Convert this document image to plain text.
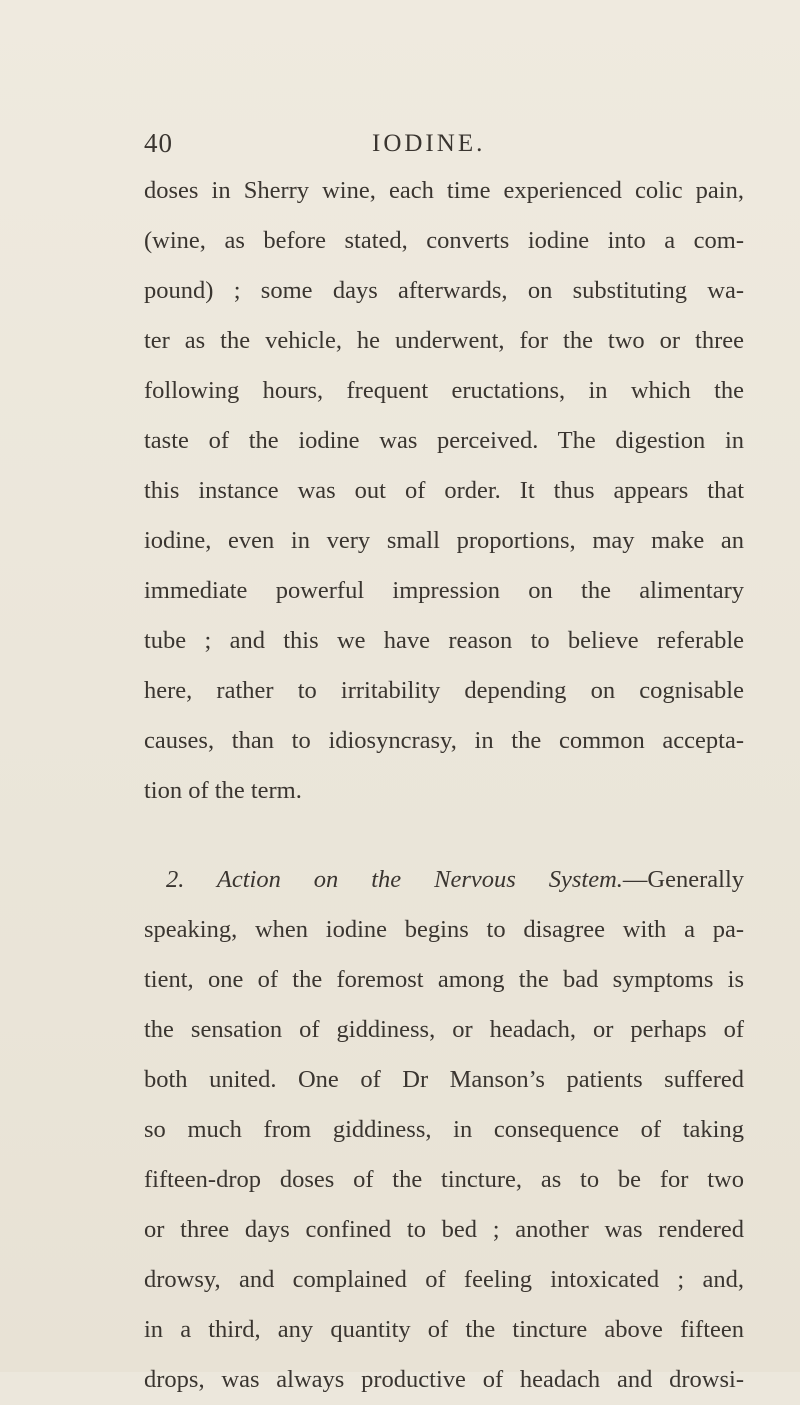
40	IODINE.
doses in Sherry wine, each time experienced colic pain,
(wine, as before stated, converts iodine into a com-
pound) ; some days afterwards, on substituting wa-
ter as the vehicle, he underwent, for the two or three
following hours, frequent eructations, in which the
taste of the iodine was perceived. The digestion in
this instance was out of order. It thus appears that
iodine, even in very small proportions, may make an
immediate powerful impression on the alimentary
tube ; and this we have reason to believe referable
here, rather to irritability depending on cognisable
causes, than to idiosyncrasy, in the common accepta-
tion of the term.
2. Action on the Nervous System.—Generally
speaking, when iodine begins to disagree with a pa-
tient, one of the foremost among the bad symptoms is
the sensation of giddiness, or headach, or perhaps of
both united. One of Dr Manson’s patients suffered
so much from giddiness, in consequence of taking
fifteen-drop doses of the tincture, as to be for two
or three days confined to bed ; another was rendered
drowsy, and complained of feeling intoxicated ; and,
in a third, any quantity of the tincture above fifteen
drops, was always productive of headach and drowsi-
